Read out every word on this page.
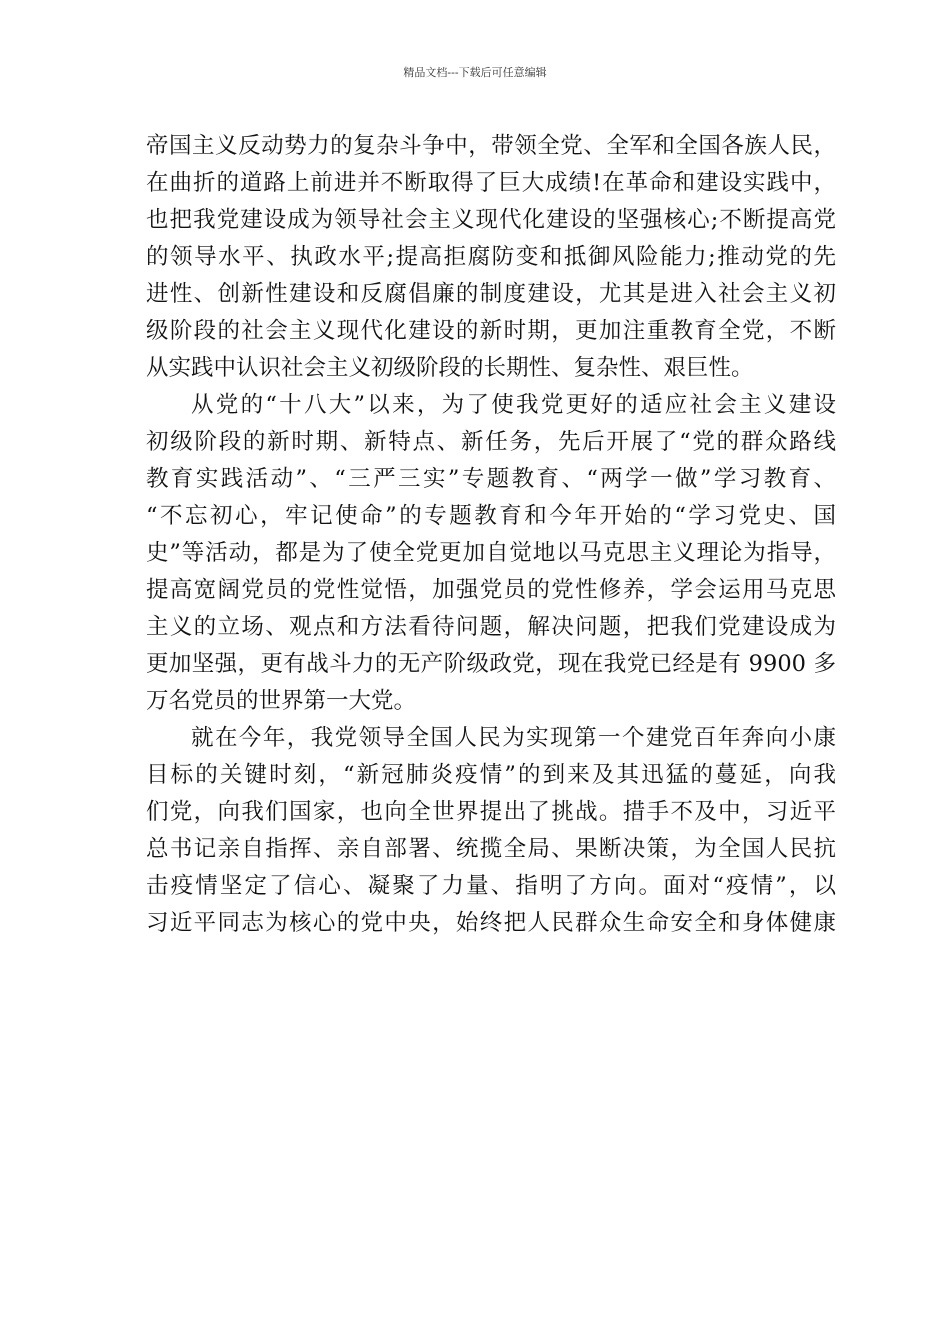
精品文档---下载后可任意编辑
帝国主义反动势力的复杂斗争中，带领全党、全军和全国各族人民，
在曲折的道路上前进并不断取得了巨大成绩!在革命和建设实践中，
也把我党建设成为领导社会主义现代化建设的坚强核心;不断提高党
的领导水平、执政水平;提高拒腐防变和抵御风险能力;推动党的先
进性、创新性建设和反腐倡廉的制度建设，尤其是进入社会主义初
级阶段的社会主义现代化建设的新时期，更加注重教育全党，不断
从实践中认识社会主义初级阶段的长期性、复杂性、艰巨性。
从党的“十八大”以来，为了使我党更好的适应社会主义建设
初级阶段的新时期、新特点、新任务，先后开展了“党的群众路线
教育实践活动”、“三严三实”专题教育、“两学一做”学习教育、
“不忘初心，牢记使命”的专题教育和今年开始的“学习党史、国
史”等活动，都是为了使全党更加自觉地以马克思主义理论为指导，
提高宽阔党员的党性觉悟，加强党员的党性修养，学会运用马克思
主义的立场、观点和方法看待问题，解决问题，把我们党建设成为
更加坚强，更有战斗力的无产阶级政党，现在我党已经是有 9900 多
万名党员的世界第一大党。
就在今年，我党领导全国人民为实现第一个建党百年奔向小康
目标的关键时刻，“新冠肺炎疫情”的到来及其迅猛的蔓延，向我
们党，向我们国家，也向全世界提出了挑战。措手不及中，习近平
总书记亲自指挥、亲自部署、统揽全局、果断决策，为全国人民抗
击疫情坚定了信心、凝聚了力量、指明了方向。面对“疫情”，以
习近平同志为核心的党中央，始终把人民群众生命安全和身体健康
